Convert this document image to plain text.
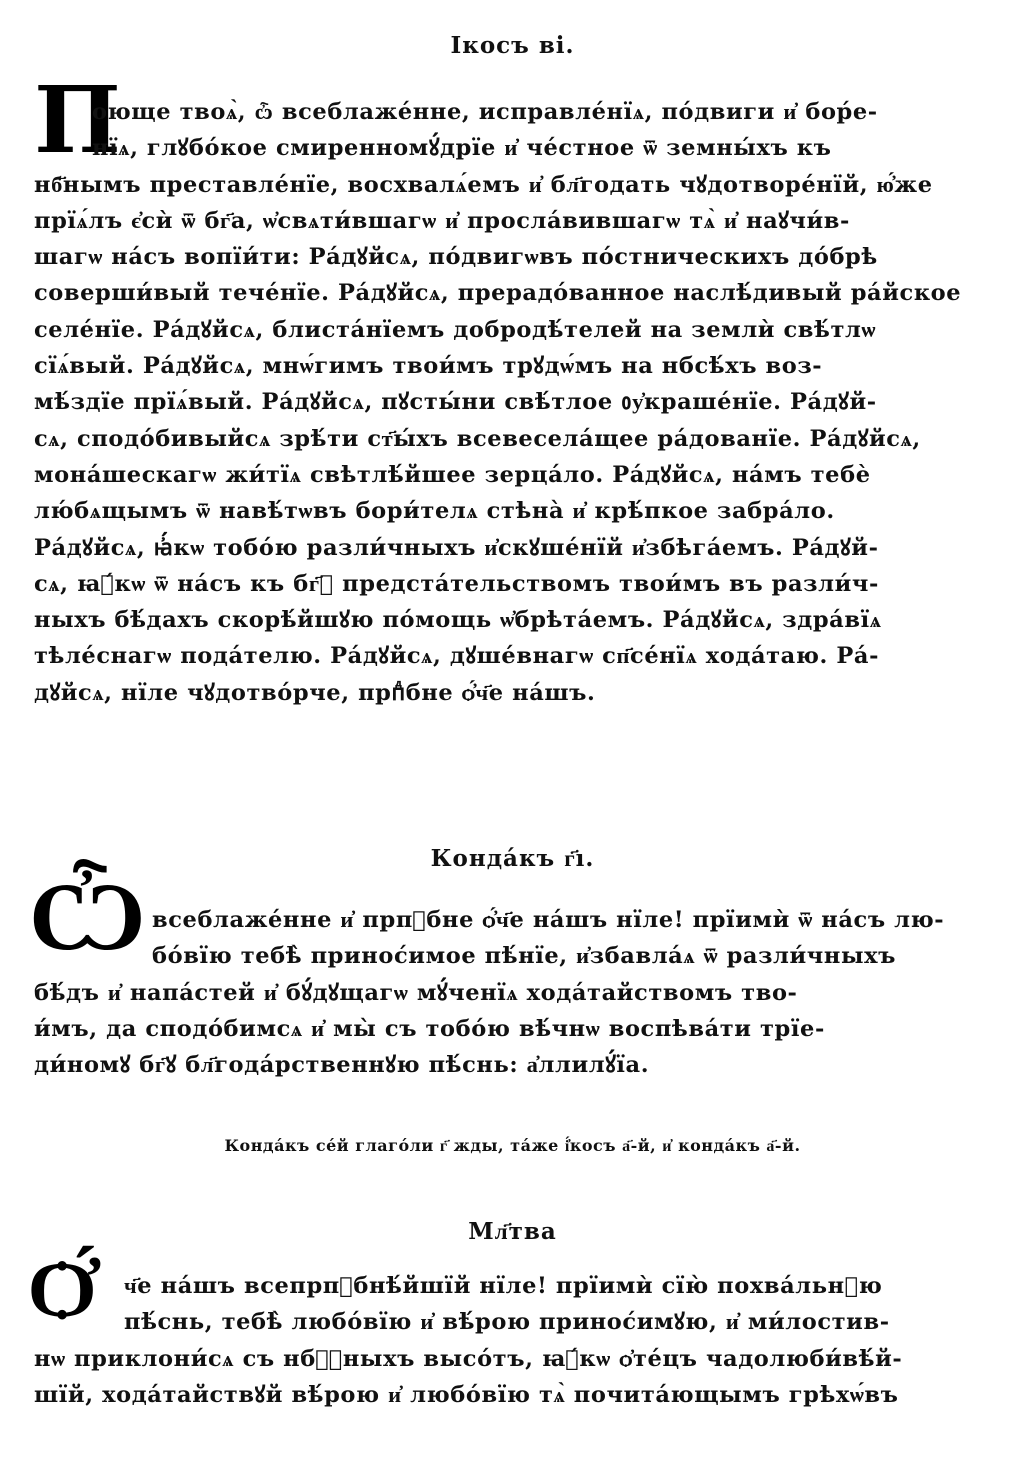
Ікосъ ві.
П
оюще твоѧ̀, ѽ всеблаже́нне, исправле́нїѧ, по́двиги и҆ бор́е-
нїѧ, глꙋбо́кое смиренномꙋ́дрїе и҆ че́стное ѿ земны́хъ къ
нб҃нымъ преставле́нїе, восхвалѧ́емъ и҆ бл҃годать чꙋдотворе́нїй, ю҆́же
прїѧ́лъ є҆сѝ ѿ бг҃а, ѡ҆свѧти́вшагѡ и҆ просла́вившагѡ тѧ̀ и҆ наꙋчи́в-
шагѡ на́съ вопїи́ти: Ра́дꙋйсѧ, по́двигѡвъ по́стническихъ до́брѣ
соверши́вый тече́нїе. Ра́дꙋйсѧ, прерадо́ванное наслѣ́дивый ра́йское
селе́нїе. Ра́дꙋйсѧ, блиста́нїемъ добродѣ́телей на землѝ свѣ́тлѡ
сїѧ́вый. Ра́дꙋйсѧ, мнѡ́гимъ твои́мъ трꙋдѡ́мъ на нбсѣ́хъ воз-
мѣ́здїе прїѧ́вый. Ра́дꙋйсѧ, пꙋсты́ни свѣ́тлое ᲂу҆краше́нїе. Ра́дꙋй-
сѧ, сподо́бивыйсѧ зрѣ́ти ст҃ы́хъ всевесела́щее ра́дованїе. Ра́дꙋйсѧ,
мона́шескагѡ жи́тїѧ свѣтлѣ́йшее зерца́ло. Ра́дꙋйсѧ, на́мъ тебѐ
лю́бѧщымъ ѿ навѣ́тѡвъ бори́телѧ стѣна̀ и҆ крѣ́пкое забра́ло.
Ра́дꙋйсѧ, ꙗ҆́кѡ тобо́ю разли́чныхъ и҆скꙋше́нїй и҆збѣга́емъ. Ра́дꙋй-
сѧ, ꙗ҆́кѡ ѿ на́съ къ бг҃ꙋ предста́тельствомъ твои́мъ въ разли́ч-
ныхъ бѣ́дахъ скорѣ́йшꙋю по́мощь ѡ҆брѣта́емъ. Ра́дꙋйсѧ, здра́вїѧ
тѣле́снагѡ пода́телю. Ра́дꙋйсѧ, дꙋше́внагѡ сп҃се́нїѧ хода́таю. Ра́-
дꙋйсѧ, нїле чꙋдотво́рче, прпⷣбне ѻ҆́ч҃е на́шъ.
Конда́къ г҃ı.
Ѽ всеблаже́нне и҆ прпⷣбне ѻ҆́ч҃е на́шъ нїле! прїимѝ ѿ на́съ лю-
бо́вїю тебѣ̀ принос́имое пѣ́нїе, и҆збавла́ѧ ѿ разли́чныхъ
бѣ́дъ и҆ напа́стей и҆ бꙋ́дꙋщагѡ мꙋ́ченїѧ хода́тайствомъ тво-
и́мъ, да сподо́бимсѧ и҆ мы̀ съ тобо́ю вѣ́чнѡ воспѣва́ти трїе-
ди́номꙋ бг҃ꙋ бл҃года́рственнꙋю пѣ́снь: а҆ллилꙋ́їа.
Конда́къ се́й глаго́ли г҃ жды, та́же і҆́косъ а҃-й, и҆ конда́къ а҃-й.
Мл҃тва
Ѻ҆́	ч҃е на́шъ всепрпⷣбнѣ́йшїй нїле! прїимѝ сїю̀ похва́льнꙋю
пѣ́снь, тебѣ̀ любо́вїю и҆ вѣ́рою принос́имꙋю, и҆ ми́лостив-
нѡ приклони́сѧ съ нбⷭ҇ныхъ высо́тъ, ꙗ҆́кѡ ѻ҆те́цъ чадолюби́вѣ́й-
шїй, хода́тайствꙋй вѣ́рою и҆ любо́вїю тѧ̀ почита́ющымъ грѣхѡ́въ
